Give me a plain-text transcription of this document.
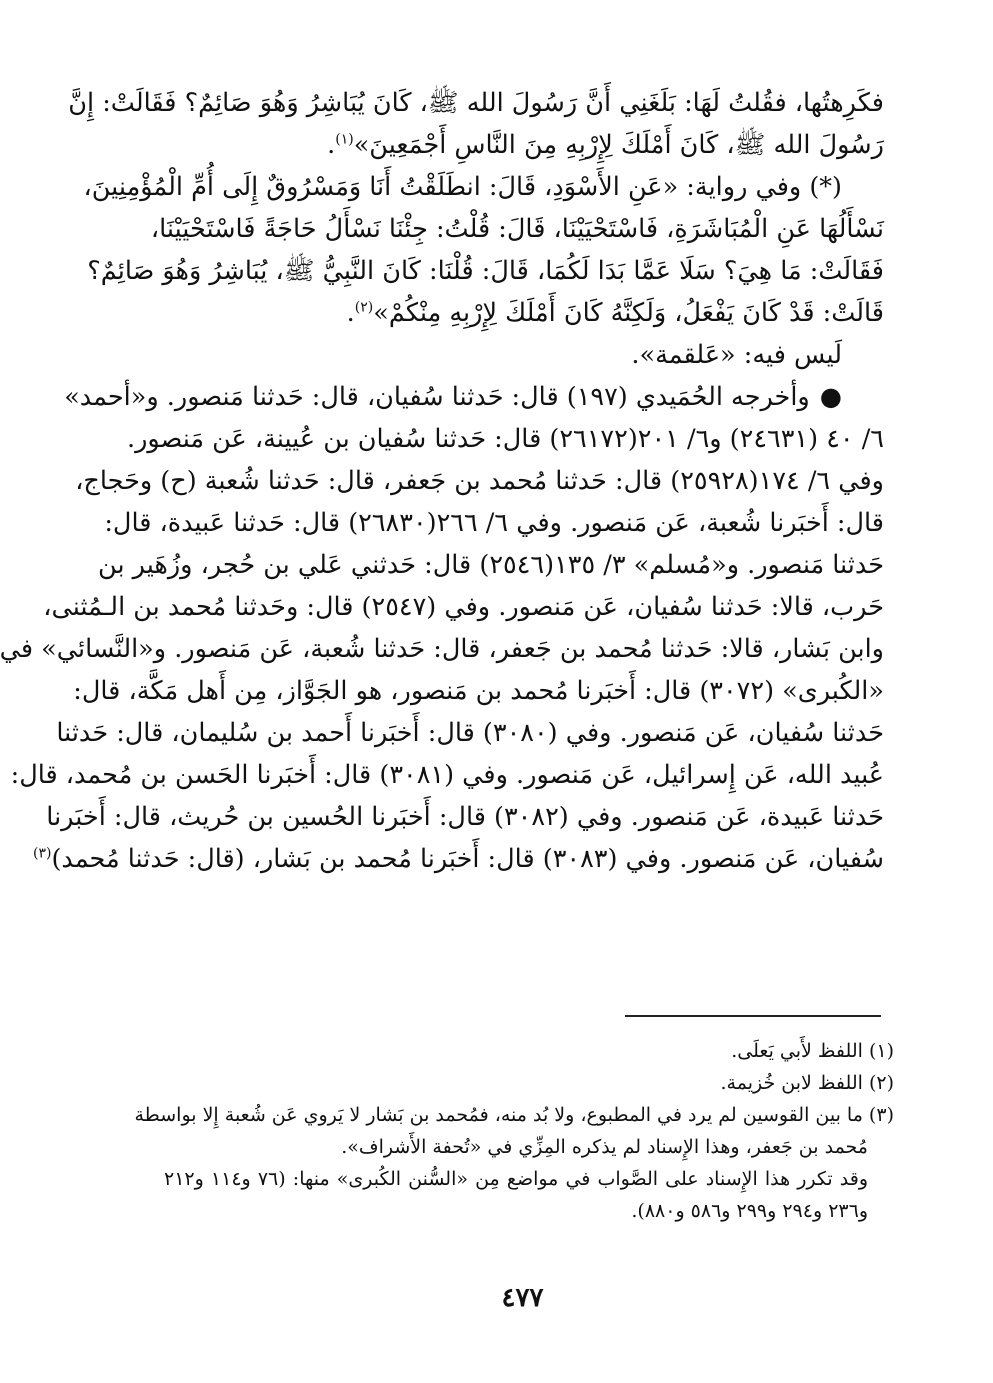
فكَرِهتُها، فقُلتُ لَهَا: بَلَغَنِي أَنَّ رَسُولَ الله ﷺ، كَانَ يُبَاشِرُ وَهُوَ صَائِمٌ؟ فَقَالَتْ: إِنَّ
رَسُولَ الله ﷺ، كَانَ أَمْلَكَ لِإِرْبِهِ مِنَ النَّاسِ أَجْمَعِينَ»$^{(١)}$.
(*) وفي رواية: «عَنِ الأَسْوَدِ، قَالَ: انطَلَقْتُ أَنَا وَمَسْرُوقٌ إِلَى أُمِّ الْمُؤْمِنِينَ،
نَسْأَلُهَا عَنِ الْمُبَاشَرَةِ، فَاسْتَحْيَيْنَا، قَالَ: قُلْتُ: جِئْنَا نَسْأَلُ حَاجَةً فَاسْتَحْيَيْنَا،
فَقَالَتْ: مَا هِيَ؟ سَلَا عَمَّا بَدَا لَكُمَا، قَالَ: قُلْنَا: كَانَ النَّبِيُّ ﷺ، يُبَاشِرُ وَهُوَ صَائِمٌ؟
قَالَتْ: قَدْ كَانَ يَفْعَلُ، وَلَكِنَّهُ كَانَ أَمْلَكَ لِإِرْبِهِ مِنْكُمْ»$^{(٢)}$.
لَيس فيه: «عَلقمة».
●وأخرجه الحُمَيدي (١٩٧) قال: حَدثنا سُفيان، قال: حَدثنا مَنصور. و«أحمد»
٦/ ٤٠ (٢٤٦٣١) و٦/ ٢٠١(٢٦١٧٢) قال: حَدثنا سُفيان بن عُيينة، عَن مَنصور.
وفي ٦/ ١٧٤(٢٥٩٢٨) قال: حَدثنا مُحمد بن جَعفر، قال: حَدثنا شُعبة (ح) وحَجاج،
قال: أَخبَرنا شُعبة، عَن مَنصور. وفي ٦/ ٢٦٦(٢٦٨٣٠) قال: حَدثنا عَبيدة، قال:
حَدثنا مَنصور. و«مُسلم» ٣/ ١٣٥(٢٥٤٦) قال: حَدثني عَلي بن حُجر، وزُهَير بن
حَرب، قالا: حَدثنا سُفيان، عَن مَنصور. وفي (٢٥٤٧) قال: وحَدثنا مُحمد بن الـمُثنى،
وابن بَشار، قالا: حَدثنا مُحمد بن جَعفر، قال: حَدثنا شُعبة، عَن مَنصور. و«النَّسائي» في
«الكُبرى» (٣٠٧٢) قال: أَخبَرنا مُحمد بن مَنصور، هو الجَوَّاز، مِن أَهل مَكَّة، قال:
حَدثنا سُفيان، عَن مَنصور. وفي (٣٠٨٠) قال: أَخبَرنا أَحمد بن سُليمان، قال: حَدثنا
عُبيد الله، عَن إِسرائيل، عَن مَنصور. وفي (٣٠٨١) قال: أَخبَرنا الحَسن بن مُحمد، قال:
حَدثنا عَبيدة، عَن مَنصور. وفي (٣٠٨٢) قال: أَخبَرنا الحُسين بن حُريث، قال: أَخبَرنا
سُفيان، عَن مَنصور. وفي (٣٠٨٣) قال: أَخبَرنا مُحمد بن بَشار، (قال: حَدثنا مُحمد)$^{(٣)}$
(١) اللفظ لأَبي يَعلَى.
(٢) اللفظ لابن خُزيمة.
(٣) ما بين القوسين لم يرد في المطبوع، ولا بُد منه، فمُحمد بن بَشار لا يَروي عَن شُعبة إِلا بواسطة
مُحمد بن جَعفر، وهذا الإِسناد لم يذكره المِزِّي في «تُحفة الأَشراف».
وقد تكرر هذا الإِسناد على الصَّواب في مواضع مِن «السُّنن الكُبرى» منها: (٧٦ و١١٤ و٢١٢
و٢٣٦ و٢٩٤ و٢٩٩ و٥٨٦ و٨٨٠).
٤٧٧
